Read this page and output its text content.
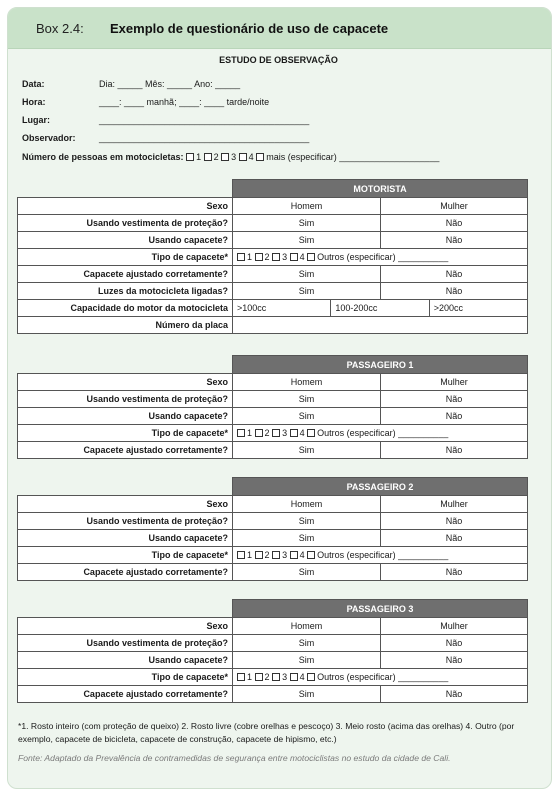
Box 2.4: Exemplo de questionário de uso de capacete
ESTUDO DE OBSERVAÇÃO
Data:	Dia: _____ Mês: _____ Ano: _____
Hora:	____: ____ manhã; ____: ____ tarde/noite
Lugar:	__________________________________________
Observador:	__________________________________________
Número de pessoas em motocicletas: 1 2 3 4 mais (especificar) ____________________
	MOTORISTA	
Sexo	Homem	Mulher
Usando vestimenta de proteção?	Sim	Não
Usando capacete?	Sim	Não
Tipo de capacete*	1 2 3 4 Outros (especificar) __________	
Capacete ajustado corretamente?	Sim	Não
Luzes da motocicleta ligadas?	Sim	Não
Capacidade do motor da motocicleta	>100cc 100-200cc >200cc	

Número da placa		
	PASSAGEIRO 1	
Sexo	Homem	Mulher
Usando vestimenta de proteção?	Sim	Não
Usando capacete?	Sim	Não
Tipo de capacete*	1 2 3 4 Outros (especificar) __________	
Capacete ajustado corretamente?	Sim	Não
	PASSAGEIRO 2	
Sexo	Homem	Mulher
Usando vestimenta de proteção?	Sim	Não
Usando capacete?	Sim	Não
Tipo de capacete*	1 2 3 4 Outros (especificar) __________	
Capacete ajustado corretamente?	Sim	Não
	PASSAGEIRO 3	
Sexo	Homem	Mulher
Usando vestimenta de proteção?	Sim	Não
Usando capacete?	Sim	Não
Tipo de capacete*	1 2 3 4 Outros (especificar) __________	
Capacete ajustado corretamente?	Sim	Não
*1. Rosto inteiro (com proteção de queixo) 2. Rosto livre (cobre orelhas e pescoço) 3. Meio rosto (acima das orelhas) 4. Outro (por exemplo, capacete de bicicleta, capacete de construção, capacete de hipismo, etc.)
Fonte: Adaptado da Prevalência de contramedidas de segurança entre motociclistas no estudo da cidade de Cali.
